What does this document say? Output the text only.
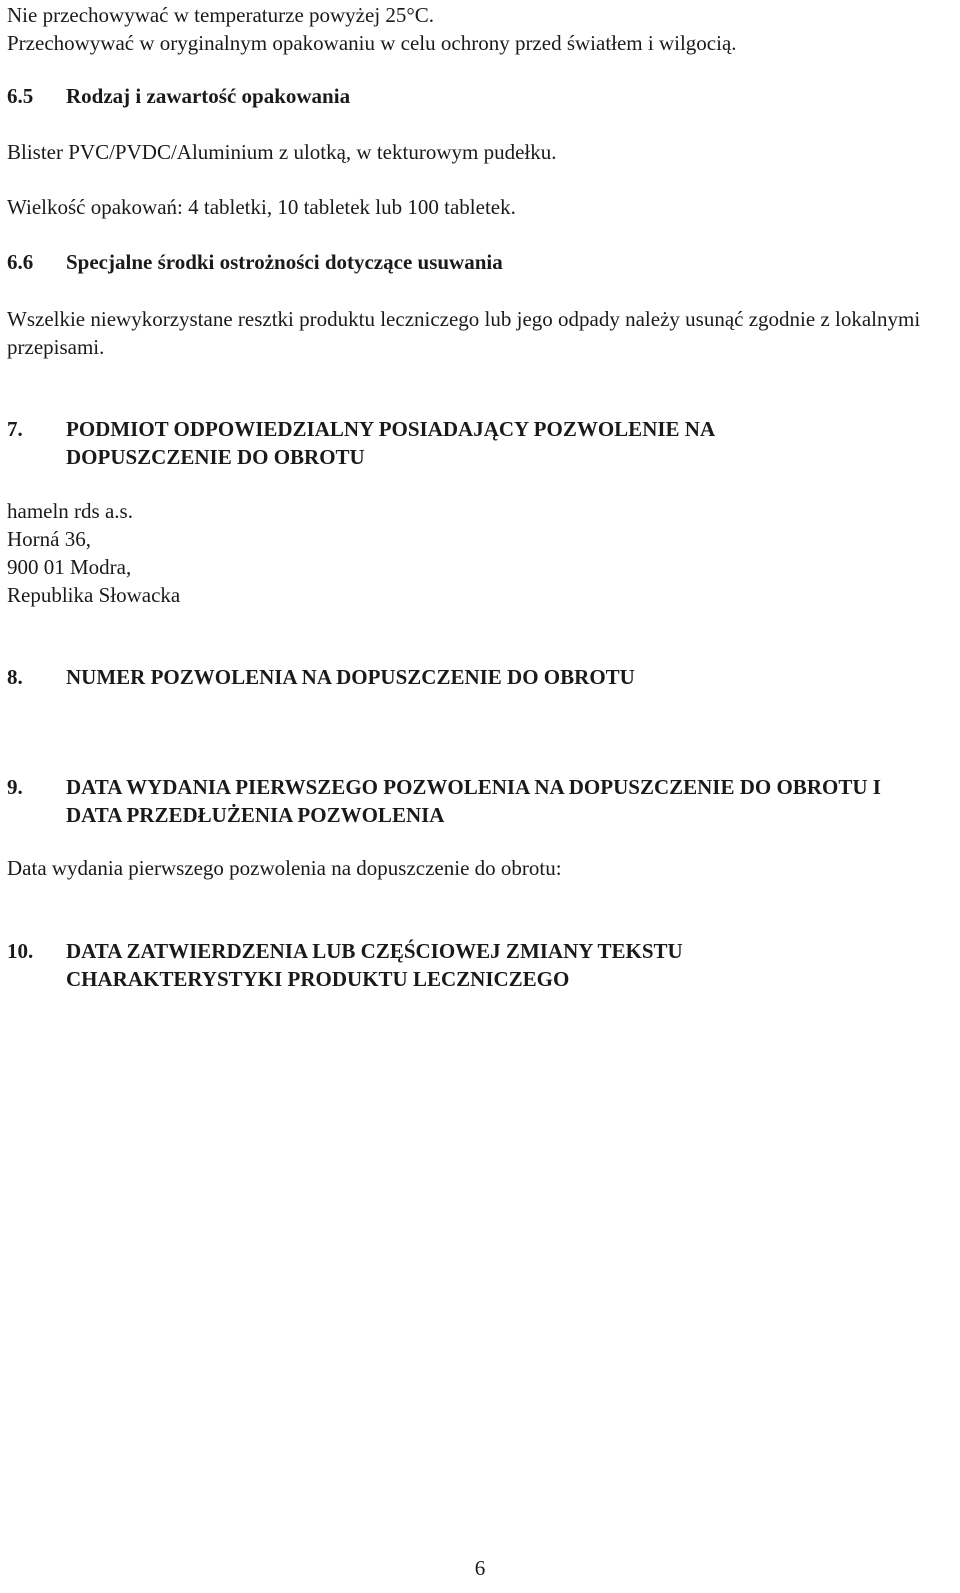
Nie przechowywać w temperaturze powyżej 25°C.
Przechowywać w oryginalnym opakowaniu w celu ochrony przed światłem i wilgocią.
6.5 Rodzaj i zawartość opakowania

Blister PVC/PVDC/Aluminium z ulotką, w tekturowym pudełku.

Wielkość opakowań: 4 tabletki, 10 tabletek lub 100 tabletek.

6.6 Specjalne środki ostrożności dotyczące usuwania

Wszelkie niewykorzystane resztki produktu leczniczego lub jego odpady należy usunąć zgodnie z lokalnymi przepisami.

7. PODMIOT ODPOWIEDZIALNY POSIADAJĄCY POZWOLENIE NA DOPUSZCZENIE DO OBROTU
hameln rds a.s.
Horná 36,
900 01 Modra,
Republika Słowacka
8. NUMER POZWOLENIA NA DOPUSZCZENIE DO OBROTU
9. DATA WYDANIA PIERWSZEGO POZWOLENIA NA DOPUSZCZENIE DO OBROTU I DATA PRZEDŁUŻENIA POZWOLENIA

Data wydania pierwszego pozwolenia na dopuszczenie do obrotu:

10. DATA ZATWIERDZENIA LUB CZĘŚCIOWEJ ZMIANY TEKSTU CHARAKTERYSTYKI PRODUKTU LECZNICZEGO
6
